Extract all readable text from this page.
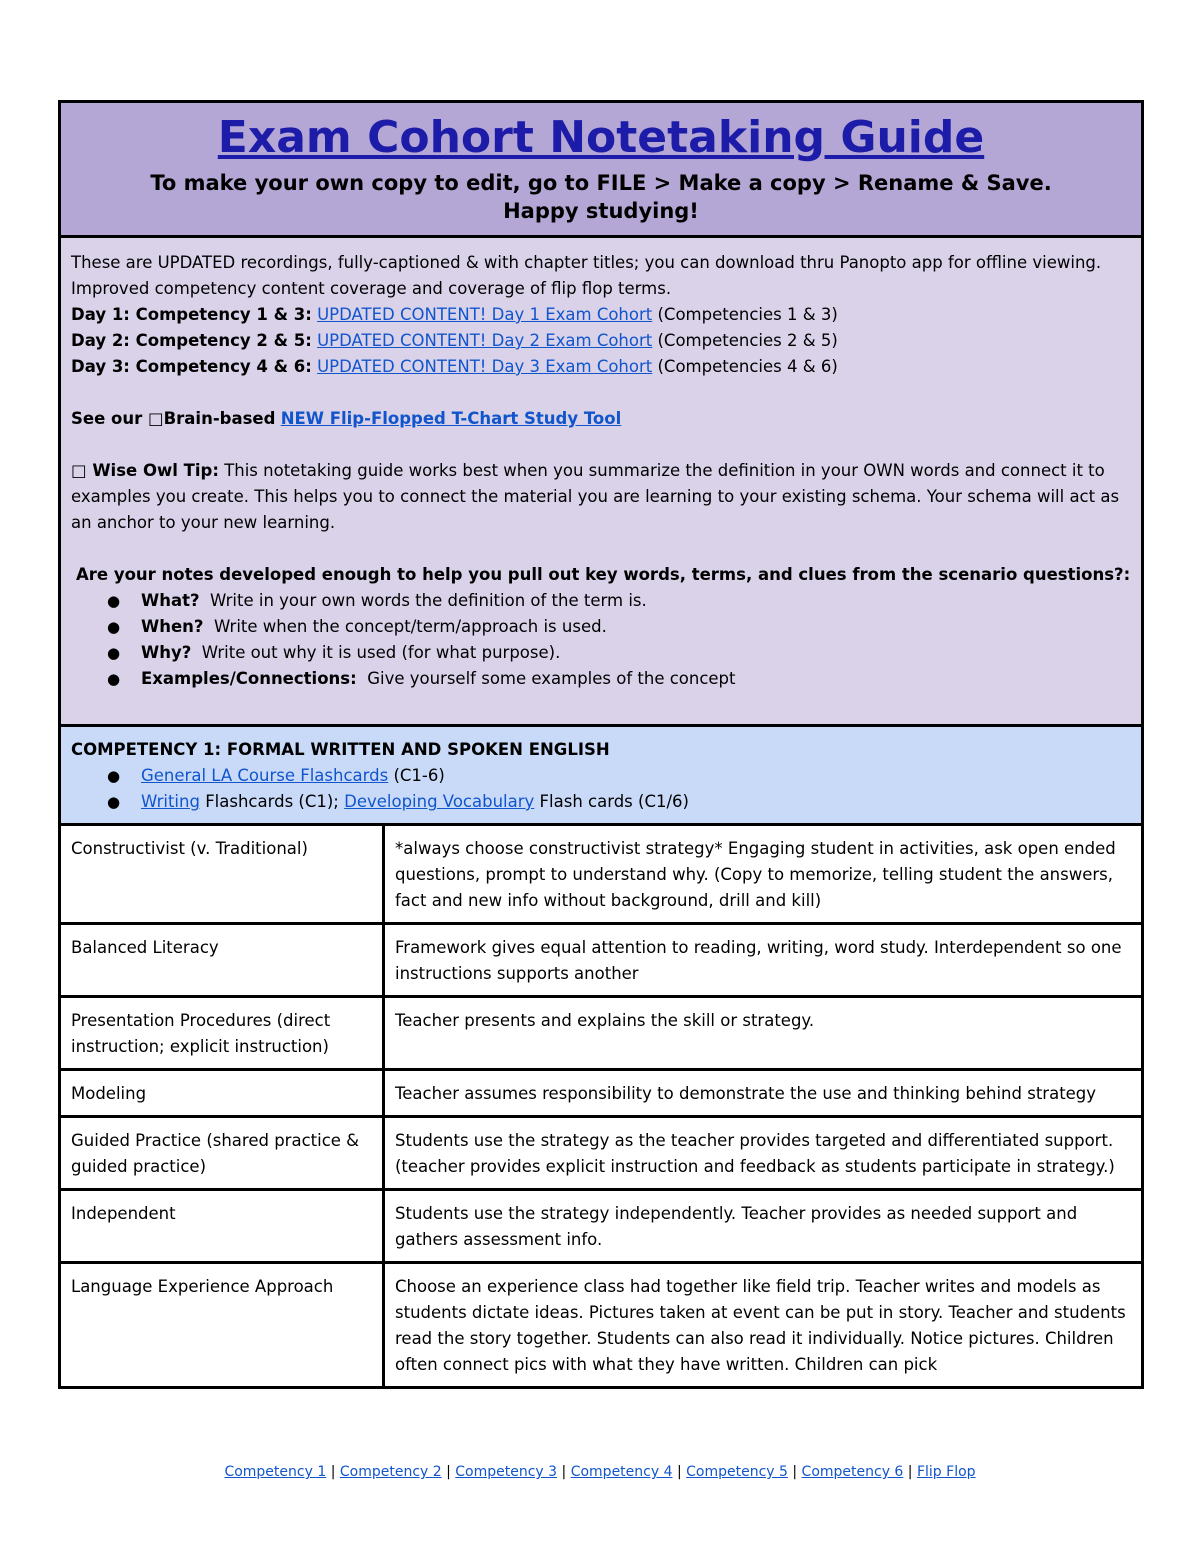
Exam Cohort Notetaking Guide
To make your own copy to edit, go to FILE > Make a copy > Rename & Save.
Happy studying!

These are UPDATED recordings, fully-captioned & with chapter titles; you can download thru Panopto app for offline viewing. Improved competency content coverage and coverage of flip flop terms.

Day 1: Competency 1 & 3: UPDATED CONTENT! Day 1 Exam Cohort (Competencies 1 & 3)

Day 2: Competency 2 & 5: UPDATED CONTENT! Day 2 Exam Cohort (Competencies 2 & 5)

Day 3: Competency 4 & 6: UPDATED CONTENT! Day 3 Exam Cohort (Competencies 4 & 6)

See our □Brain-based NEW Flip-Flopped T-Chart Study Tool

□ Wise Owl Tip: This notetaking guide works best when you summarize the definition in your OWN words and connect it to examples you create. This helps you to connect the material you are learning to your existing schema. Your schema will act as an anchor to your new learning.

Are your notes developed enough to help you pull out key words, terms, and clues from the scenario questions?:

● What? Write in your own words the definition of the term is.
● When? Write when the concept/term/approach is used.
● Why? Write out why it is used (for what purpose).
● Examples/Connections: Give yourself some examples of the concept

COMPETENCY 1: FORMAL WRITTEN AND SPOKEN ENGLISH

● General LA Course Flashcards (C1-6)
● Writing Flashcards (C1); Developing Vocabulary Flash cards (C1/6)
Constructivist (v. Traditional)	*always choose constructivist strategy* Engaging student in activities, ask open ended questions, prompt to understand why. (Copy to memorize, telling student the answers, fact and new info without background, drill and kill)
Balanced Literacy	Framework gives equal attention to reading, writing, word study. Interdependent so one instructions supports another
Presentation Procedures (direct instruction; explicit instruction)	Teacher presents and explains the skill or strategy.
Modeling	Teacher assumes responsibility to demonstrate the use and thinking behind strategy
Guided Practice (shared practice & guided practice)	Students use the strategy as the teacher provides targeted and differentiated support. (teacher provides explicit instruction and feedback as students participate in strategy.)
Independent	Students use the strategy independently. Teacher provides as needed support and gathers assessment info.
Language Experience Approach	Choose an experience class had together like field trip. Teacher writes and models as students dictate ideas. Pictures taken at event can be put in story. Teacher and students read the story together. Students can also read it individually. Notice pictures. Children often connect pics with what they have written. Children can pick
Competency 1 | Competency 2 | Competency 3 | Competency 4 | Competency 5 | Competency 6 | Flip Flop
